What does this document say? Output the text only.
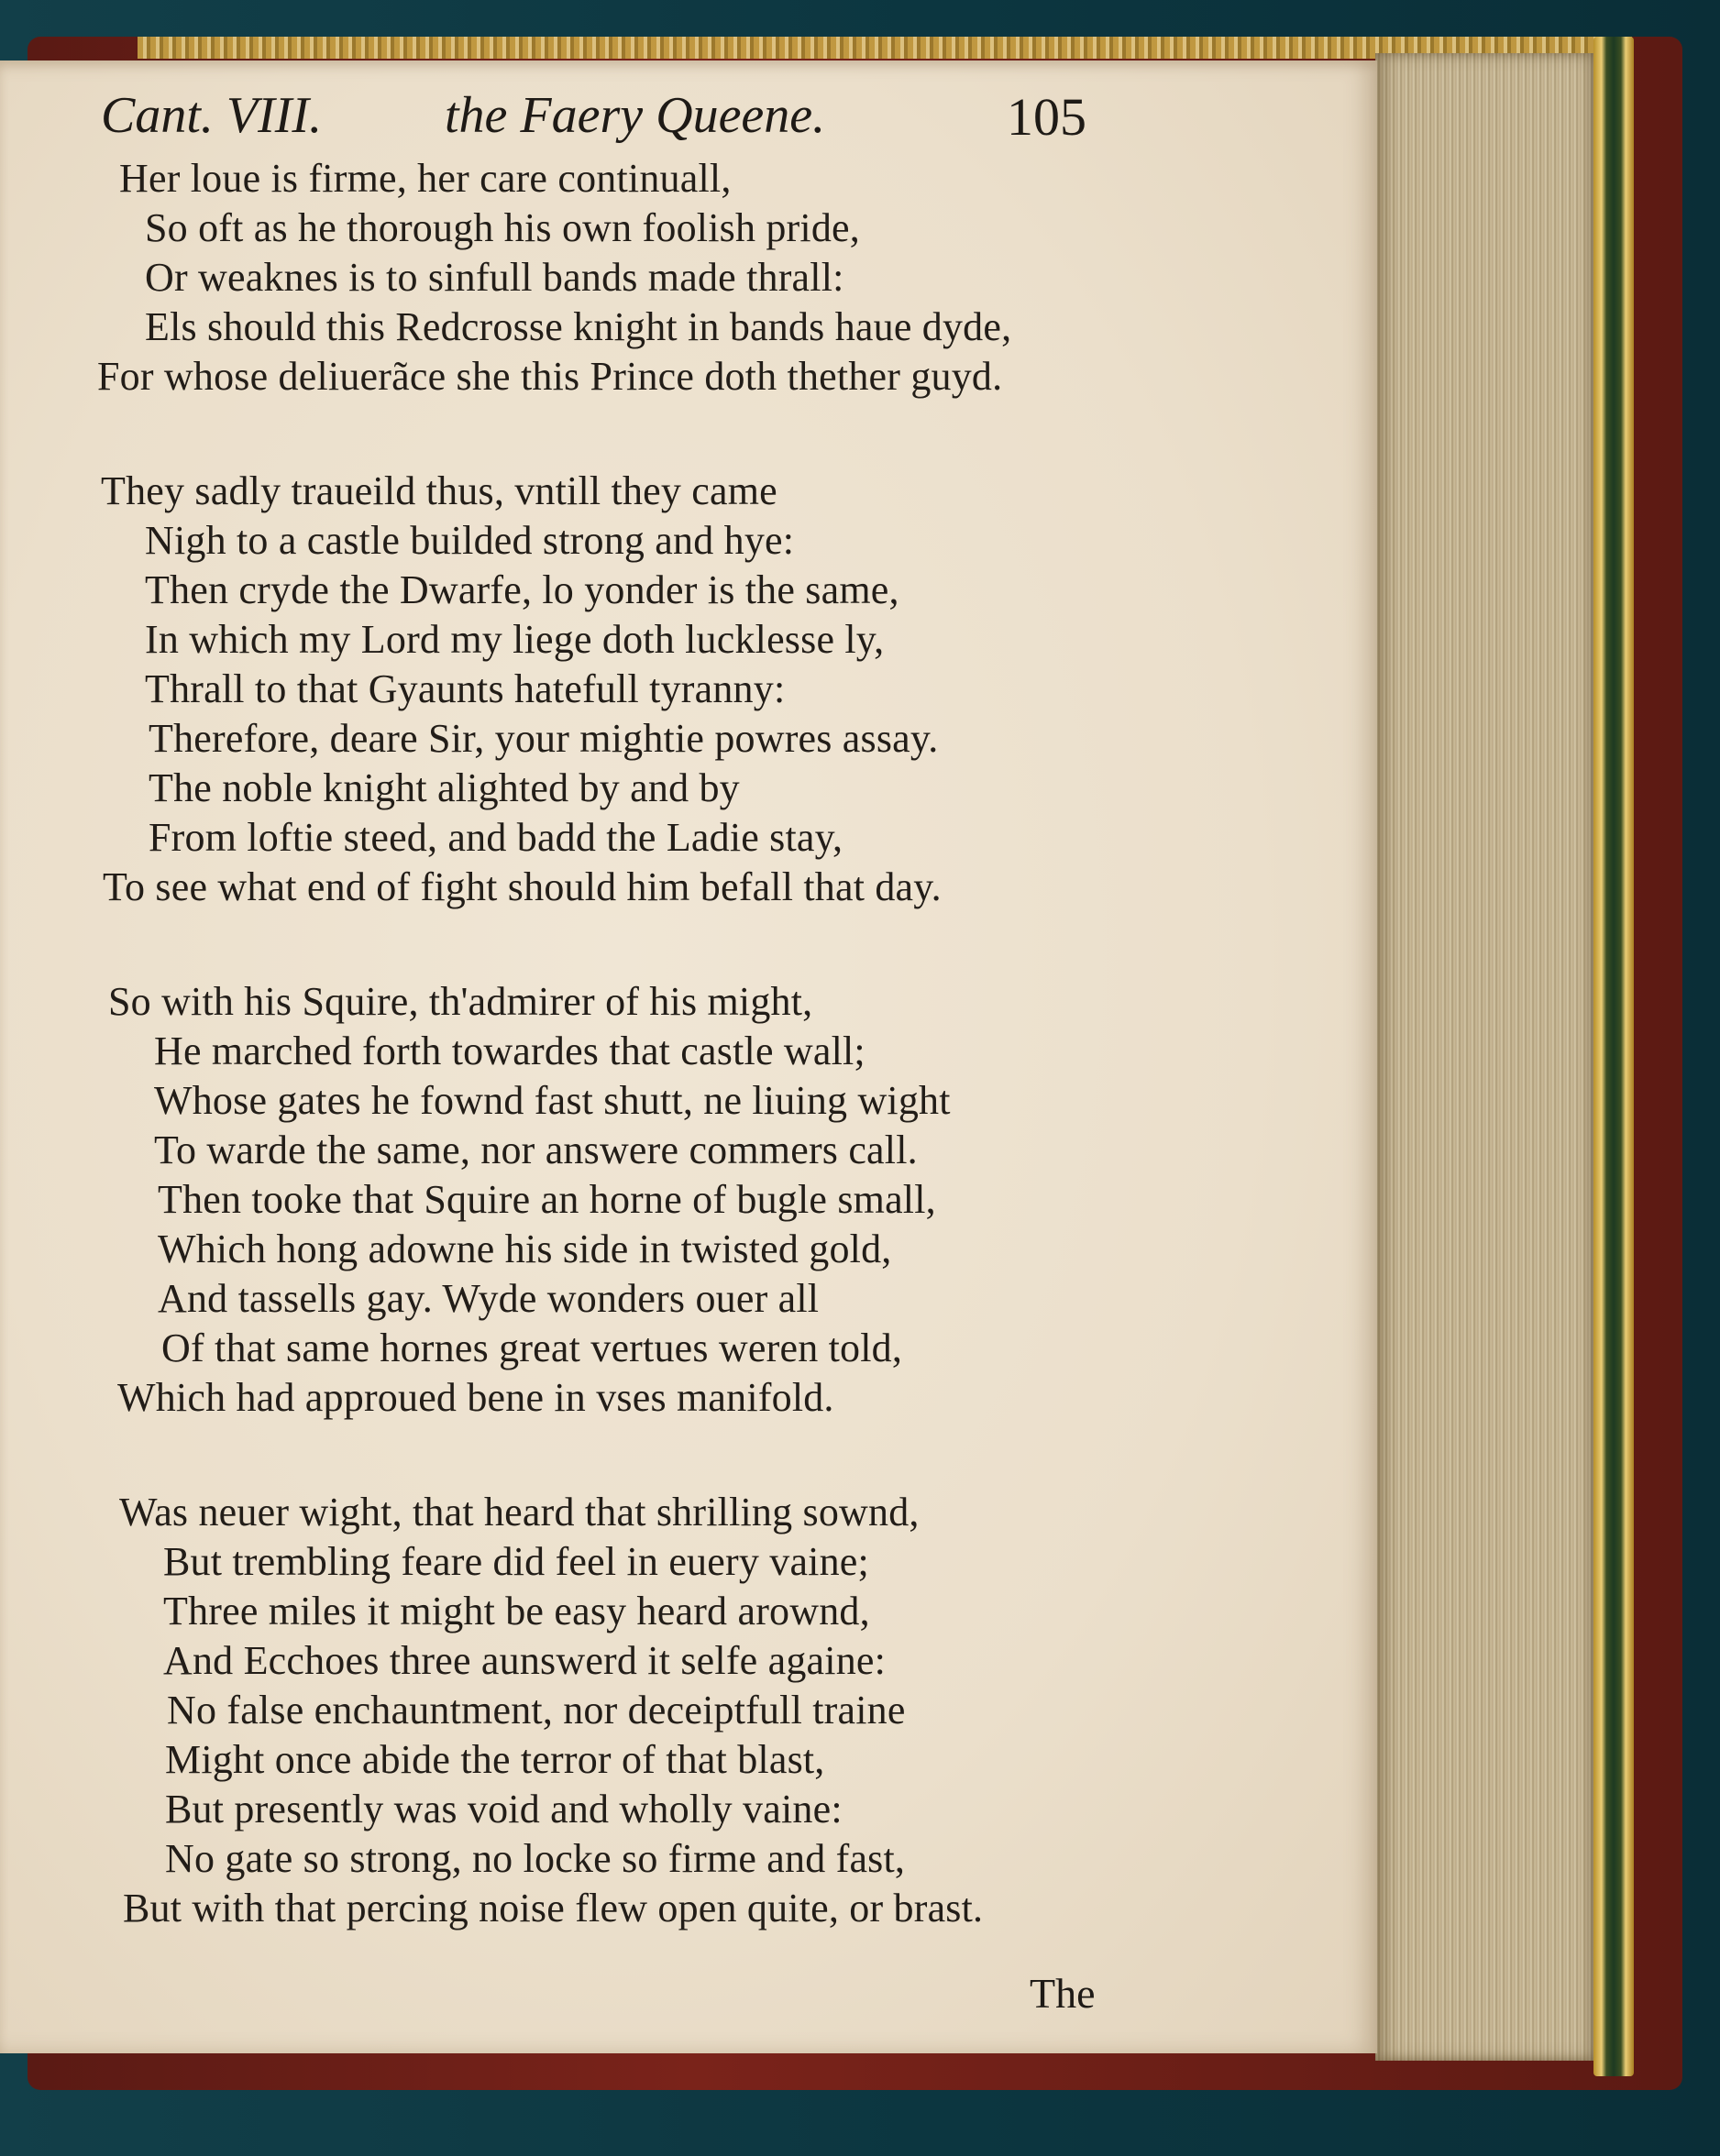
Cant. VIII. the Faery Queene.	105
Her loue is firme, her care continuall,
So oft as he thorough his own foolish pride,
Or weaknes is to sinfull bands made thrall:
Els should this Redcrosse knight in bands haue dyde,
For whose deliuerãce she this Prince doth thether guyd.
They sadly traueild thus, vntill they came
Nigh to a castle builded strong and hye:
Then cryde the Dwarfe, lo yonder is the same,
In which my Lord my liege doth lucklesse ly,
Thrall to that Gyaunts hatefull tyranny:
Therefore, deare Sir, your mightie powres assay.
The noble knight alighted by and by
From loftie steed, and badd the Ladie stay,
To see what end of fight should him befall that day.
So with his Squire, th'admirer of his might,
He marched forth towardes that castle wall;
Whose gates he fownd fast shutt, ne liuing wight
To warde the same, nor answere commers call.
Then tooke that Squire an horne of bugle small,
Which hong adowne his side in twisted gold,
And tassells gay. Wyde wonders ouer all
Of that same hornes great vertues weren told,
Which had approued bene in vses manifold.
Was neuer wight, that heard that shrilling sownd,
But trembling feare did feel in euery vaine;
Three miles it might be easy heard arownd,
And Ecchoes three aunswerd it selfe againe:
No false enchauntment, nor deceiptfull traine
Might once abide the terror of that blast,
But presently was void and wholly vaine:
No gate so strong, no locke so firme and fast,
But with that percing noise flew open quite, or brast.
The
